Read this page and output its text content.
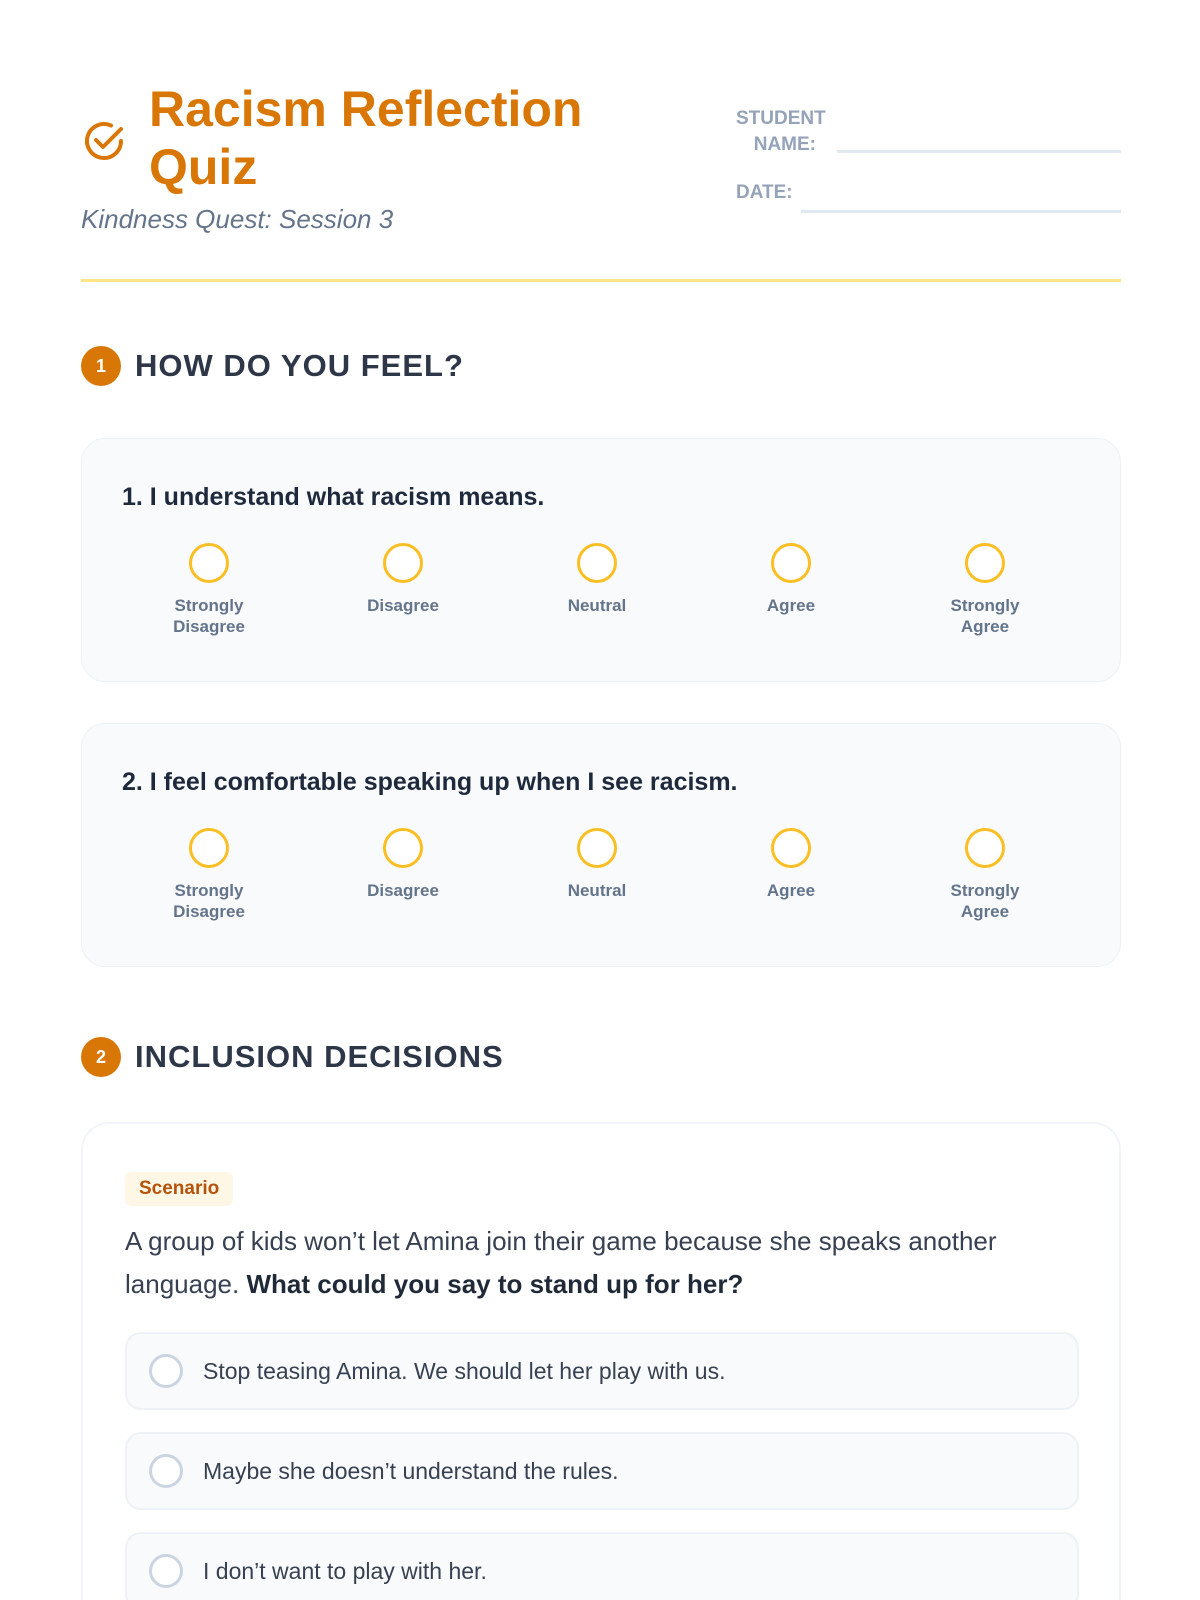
Racism Reflection Quiz
Kindness Quest: Session 3
STUDENT NAME:
DATE:
1 HOW DO YOU FEEL?
1. I understand what racism means.
Strongly Disagree
Disagree	Neutral	Agree	Strongly Agree
2. I feel comfortable speaking up when I see racism.
Strongly Disagree
Disagree	Neutral	Agree	Strongly Agree
2 INCLUSION DECISIONS
Scenario
A group of kids won’t let Amina join their game because she speaks another language. What could you say to stand up for her?
Stop teasing Amina. We should let her play with us.
Maybe she doesn’t understand the rules.
I don’t want to play with her.
